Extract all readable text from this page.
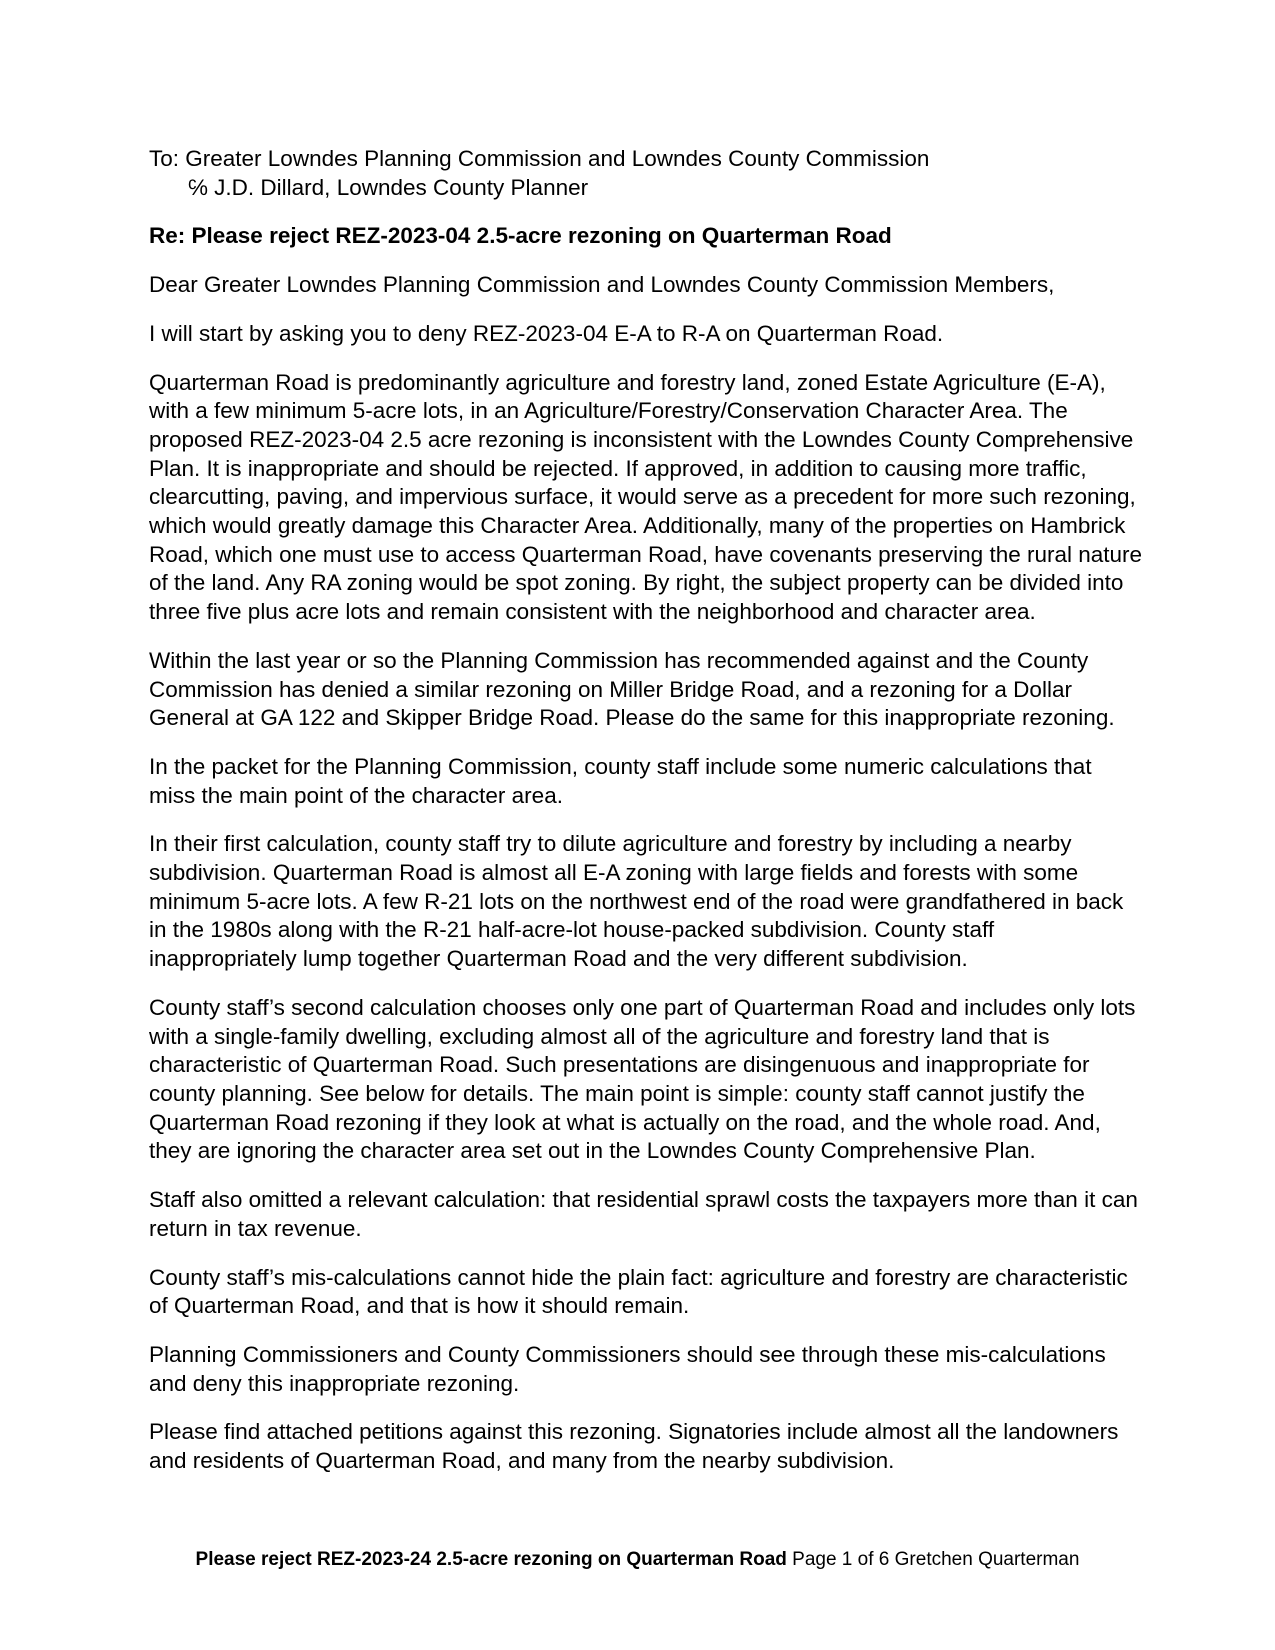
To: Greater Lowndes Planning Commission and Lowndes County Commission
℅ J.D. Dillard, Lowndes County Planner

Re: Please reject REZ-2023-04 2.5-acre rezoning on Quarterman Road

Dear Greater Lowndes Planning Commission and Lowndes County Commission Members,

I will start by asking you to deny REZ-2023-04 E-A to R-A on Quarterman Road.

Quarterman Road is predominantly agriculture and forestry land, zoned Estate Agriculture (E-A), with a few minimum 5-acre lots, in an Agriculture/Forestry/Conservation Character Area. The proposed REZ-2023-04 2.5 acre rezoning is inconsistent with the Lowndes County Comprehensive Plan. It is inappropriate and should be rejected. If approved, in addition to causing more traffic, clearcutting, paving, and impervious surface, it would serve as a precedent for more such rezoning, which would greatly damage this Character Area. Additionally, many of the properties on Hambrick Road, which one must use to access Quarterman Road, have covenants preserving the rural nature of the land. Any RA zoning would be spot zoning. By right, the subject property can be divided into three five plus acre lots and remain consistent with the neighborhood and character area.

Within the last year or so the Planning Commission has recommended against and the County Commission has denied a similar rezoning on Miller Bridge Road, and a rezoning for a Dollar General at GA 122 and Skipper Bridge Road. Please do the same for this inappropriate rezoning.

In the packet for the Planning Commission, county staff include some numeric calculations that miss the main point of the character area.

In their first calculation, county staff try to dilute agriculture and forestry by including a nearby subdivision. Quarterman Road is almost all E-A zoning with large fields and forests with some minimum 5-acre lots. A few R-21 lots on the northwest end of the road were grandfathered in back in the 1980s along with the R-21 half-acre-lot house-packed subdivision. County staff inappropriately lump together Quarterman Road and the very different subdivision.

County staff’s second calculation chooses only one part of Quarterman Road and includes only lots with a single-family dwelling, excluding almost all of the agriculture and forestry land that is characteristic of Quarterman Road. Such presentations are disingenuous and inappropriate for county planning. See below for details. The main point is simple: county staff cannot justify the Quarterman Road rezoning if they look at what is actually on the road, and the whole road. And, they are ignoring the character area set out in the Lowndes County Comprehensive Plan.

Staff also omitted a relevant calculation: that residential sprawl costs the taxpayers more than it can return in tax revenue.

County staff’s mis-calculations cannot hide the plain fact: agriculture and forestry are characteristic of Quarterman Road, and that is how it should remain.

Planning Commissioners and County Commissioners should see through these mis-calculations and deny this inappropriate rezoning.

Please find attached petitions against this rezoning. Signatories include almost all the landowners and residents of Quarterman Road, and many from the nearby subdivision.

Please reject REZ-2023-24 2.5-acre rezoning on Quarterman Road Page 1 of 6 Gretchen Quarterman
